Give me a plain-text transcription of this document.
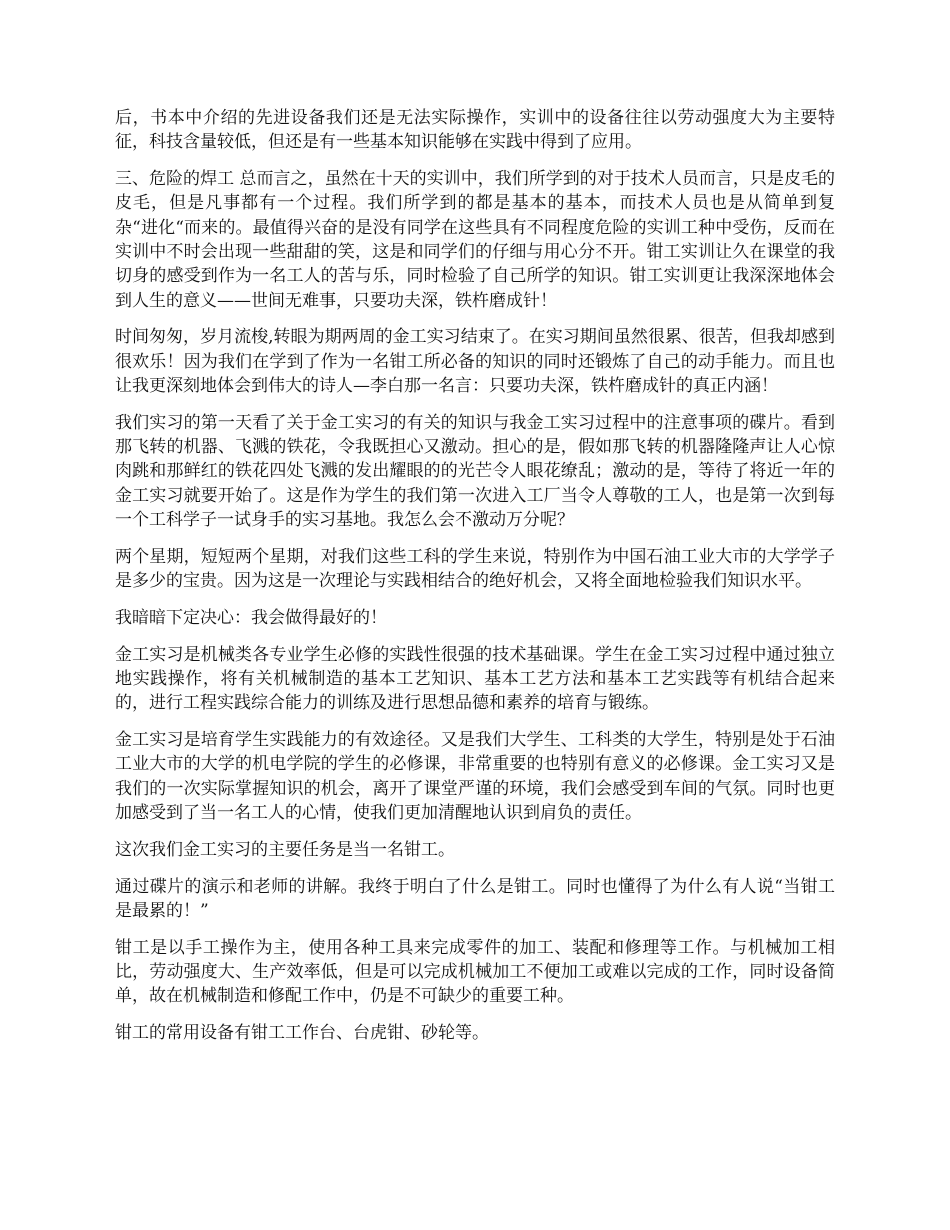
后，书本中介绍的先进设备我们还是无法实际操作，实训中的设备往往以劳动强度大为主要特征，科技含量较低，但还是有一些基本知识能够在实践中得到了应用。

三、危险的焊工 总而言之，虽然在十天的实训中，我们所学到的对于技术人员而言，只是皮毛的皮毛，但是凡事都有一个过程。我们所学到的都是基本的基本，而技术人员也是从简单到复杂“进化“而来的。最值得兴奋的是没有同学在这些具有不同程度危险的实训工种中受伤，反而在实训中不时会出现一些甜甜的笑，这是和同学们的仔细与用心分不开。钳工实训让久在课堂的我切身的感受到作为一名工人的苦与乐，同时检验了自己所学的知识。钳工实训更让我深深地体会到人生的意义——世间无难事，只要功夫深，铁杵磨成针！

时间匆匆，岁月流梭,转眼为期两周的金工实习结束了。在实习期间虽然很累、很苦，但我却感到很欢乐！因为我们在学到了作为一名钳工所必备的知识的同时还锻炼了自己的动手能力。而且也让我更深刻地体会到伟大的诗人—李白那一名言：只要功夫深，铁杵磨成针的真正内涵！

我们实习的第一天看了关于金工实习的有关的知识与我金工实习过程中的注意事项的碟片。看到那飞转的机器、飞溅的铁花，令我既担心又激动。担心的是，假如那飞转的机器隆隆声让人心惊肉跳和那鲜红的铁花四处飞溅的发出耀眼的的光芒令人眼花缭乱；激动的是，等待了将近一年的金工实习就要开始了。这是作为学生的我们第一次进入工厂当令人尊敬的工人，也是第一次到每一个工科学子一试身手的实习基地。我怎么会不激动万分呢？

两个星期，短短两个星期，对我们这些工科的学生来说，特别作为中国石油工业大市的大学学子是多少的宝贵。因为这是一次理论与实践相结合的绝好机会，又将全面地检验我们知识水平。

我暗暗下定决心：我会做得最好的！

金工实习是机械类各专业学生必修的实践性很强的技术基础课。学生在金工实习过程中通过独立地实践操作，将有关机械制造的基本工艺知识、基本工艺方法和基本工艺实践等有机结合起来的，进行工程实践综合能力的训练及进行思想品德和素养的培育与锻练。

金工实习是培育学生实践能力的有效途径。又是我们大学生、工科类的大学生，特别是处于石油工业大市的大学的机电学院的学生的必修课，非常重要的也特别有意义的必修课。金工实习又是我们的一次实际掌握知识的机会，离开了课堂严谨的环境，我们会感受到车间的气氛。同时也更加感受到了当一名工人的心情，使我们更加清醒地认识到肩负的责任。

这次我们金工实习的主要任务是当一名钳工。

通过碟片的演示和老师的讲解。我终于明白了什么是钳工。同时也懂得了为什么有人说“当钳工是最累的！”

钳工是以手工操作为主，使用各种工具来完成零件的加工、装配和修理等工作。与机械加工相比，劳动强度大、生产效率低，但是可以完成机械加工不便加工或难以完成的工作，同时设备简单，故在机械制造和修配工作中，仍是不可缺少的重要工种。

钳工的常用设备有钳工工作台、台虎钳、砂轮等。
